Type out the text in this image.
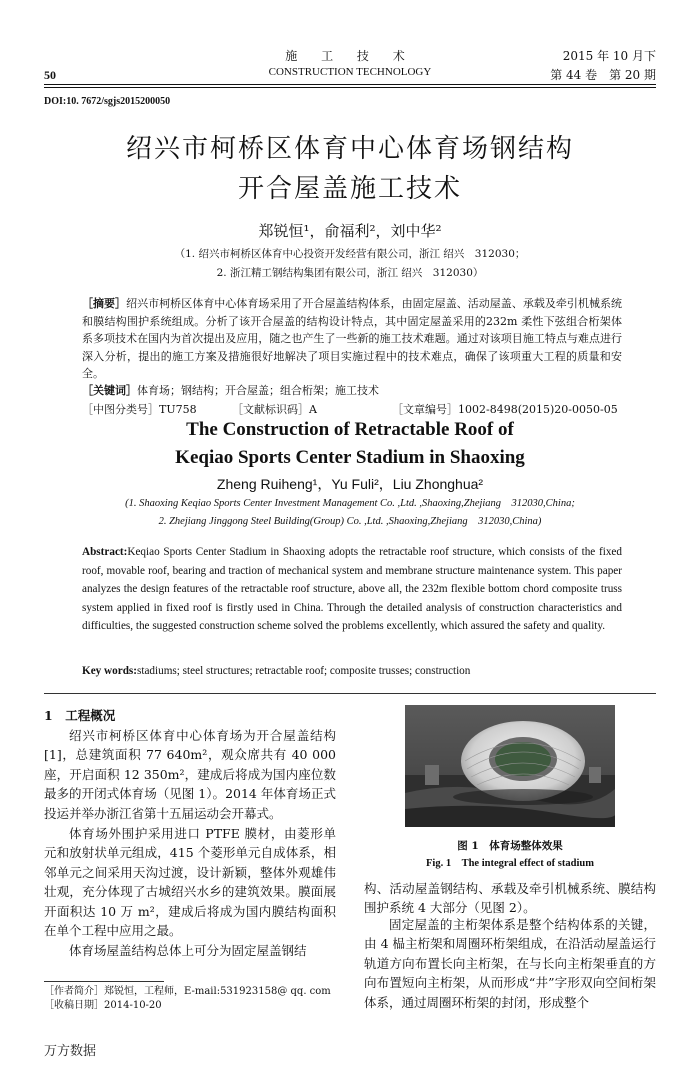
50
施 工 技 术
CONSTRUCTION TECHNOLOGY
2015 年 10 月下
第 44 卷　第 20 期
DOI:10. 7672/sgjs2015200050
绍兴市柯桥区体育中心体育场钢结构
开合屋盖施工技术
郑锐恒¹，俞福利²，刘中华²
（1. 绍兴市柯桥区体育中心投资开发经营有限公司，浙江 绍兴　312030；
2. 浙江精工钢结构集团有限公司，浙江 绍兴　312030）
［摘要］绍兴市柯桥区体育中心体育场采用了开合屋盖结构体系，由固定屋盖、活动屋盖、承载及牵引机械系统和膜结构围护系统组成。分析了该开合屋盖的结构设计特点，其中固定屋盖采用的232m 柔性下弦组合桁架体系多项技术在国内为首次提出及应用，随之也产生了一些新的施工技术难题。通过对该项目施工特点与难点进行深入分析，提出的施工方案及措施很好地解决了项目实施过程中的技术难点，确保了该项重大工程的质量和安全。
［关键词］体育场；钢结构；开合屋盖；组合桁架；施工技术
［中图分类号］TU758	［文献标识码］A	［文章编号］1002-8498(2015)20-0050-05
The Construction of Retractable Roof of
Keqiao Sports Center Stadium in Shaoxing
Zheng Ruiheng¹，Yu Fuli²，Liu Zhonghua²
(1. Shaoxing Keqiao Sports Center Investment Management Co. ,Ltd. ,Shaoxing,Zhejiang　312030,China;
2. Zhejiang Jinggong Steel Building(Group) Co. ,Ltd. ,Shaoxing,Zhejiang　312030,China)
Abstract:Keqiao Sports Center Stadium in Shaoxing adopts the retractable roof structure, which consists of the fixed roof, movable roof, bearing and traction of mechanical system and membrane structure maintenance system. This paper analyzes the design features of the retractable roof structure, above all, the 232m flexible bottom chord composite truss system applied in fixed roof is firstly used in China. Through the detailed analysis of construction characteristics and difficulties, the suggested construction scheme solved the problems excellently, which assured the safety and quality.
Key words:stadiums; steel structures; retractable roof; composite trusses; construction
1　工程概况

绍兴市柯桥区体育中心体育场为开合屋盖结构[1]，总建筑面积 77 640m²，观众席共有 40 000 座，开启面积 12 350m²，建成后将成为国内座位数最多的开闭式体育场（见图 1）。2014 年体育场正式投运并举办浙江省第十五届运动会开幕式。

体育场外围护采用进口 PTFE 膜材，由菱形单元和放射状单元组成，415 个菱形单元自成体系，相邻单元之间采用天沟过渡，设计新颖，整体外观雄伟壮观，充分体现了古城绍兴水乡的建筑效果。膜面展开面积达 10 万 m²，建成后将成为国内膜结构面积在单个工程中应用之最。

体育场屋盖结构总体上可分为固定屋盖钢结

图 1　体育场整体效果
Fig. 1　The integral effect of stadium

构、活动屋盖钢结构、承载及牵引机械系统、膜结构围护系统 4 大部分（见图 2）。

固定屋盖的主桁架体系是整个结构体系的关键，由 4 榀主桁架和周圈环桁架组成，在沿活动屋盖运行轨道方向布置长向主桁架，在与长向主桁架垂直的方向布置短向主桁架，从而形成“井”字形双向空间桁架体系，通过周圈环桁架的封闭，形成整个

［作者简介］郑锐恒，工程师，E-mail:531923158@ qq. com
［收稿日期］2014-10-20
万方数据
